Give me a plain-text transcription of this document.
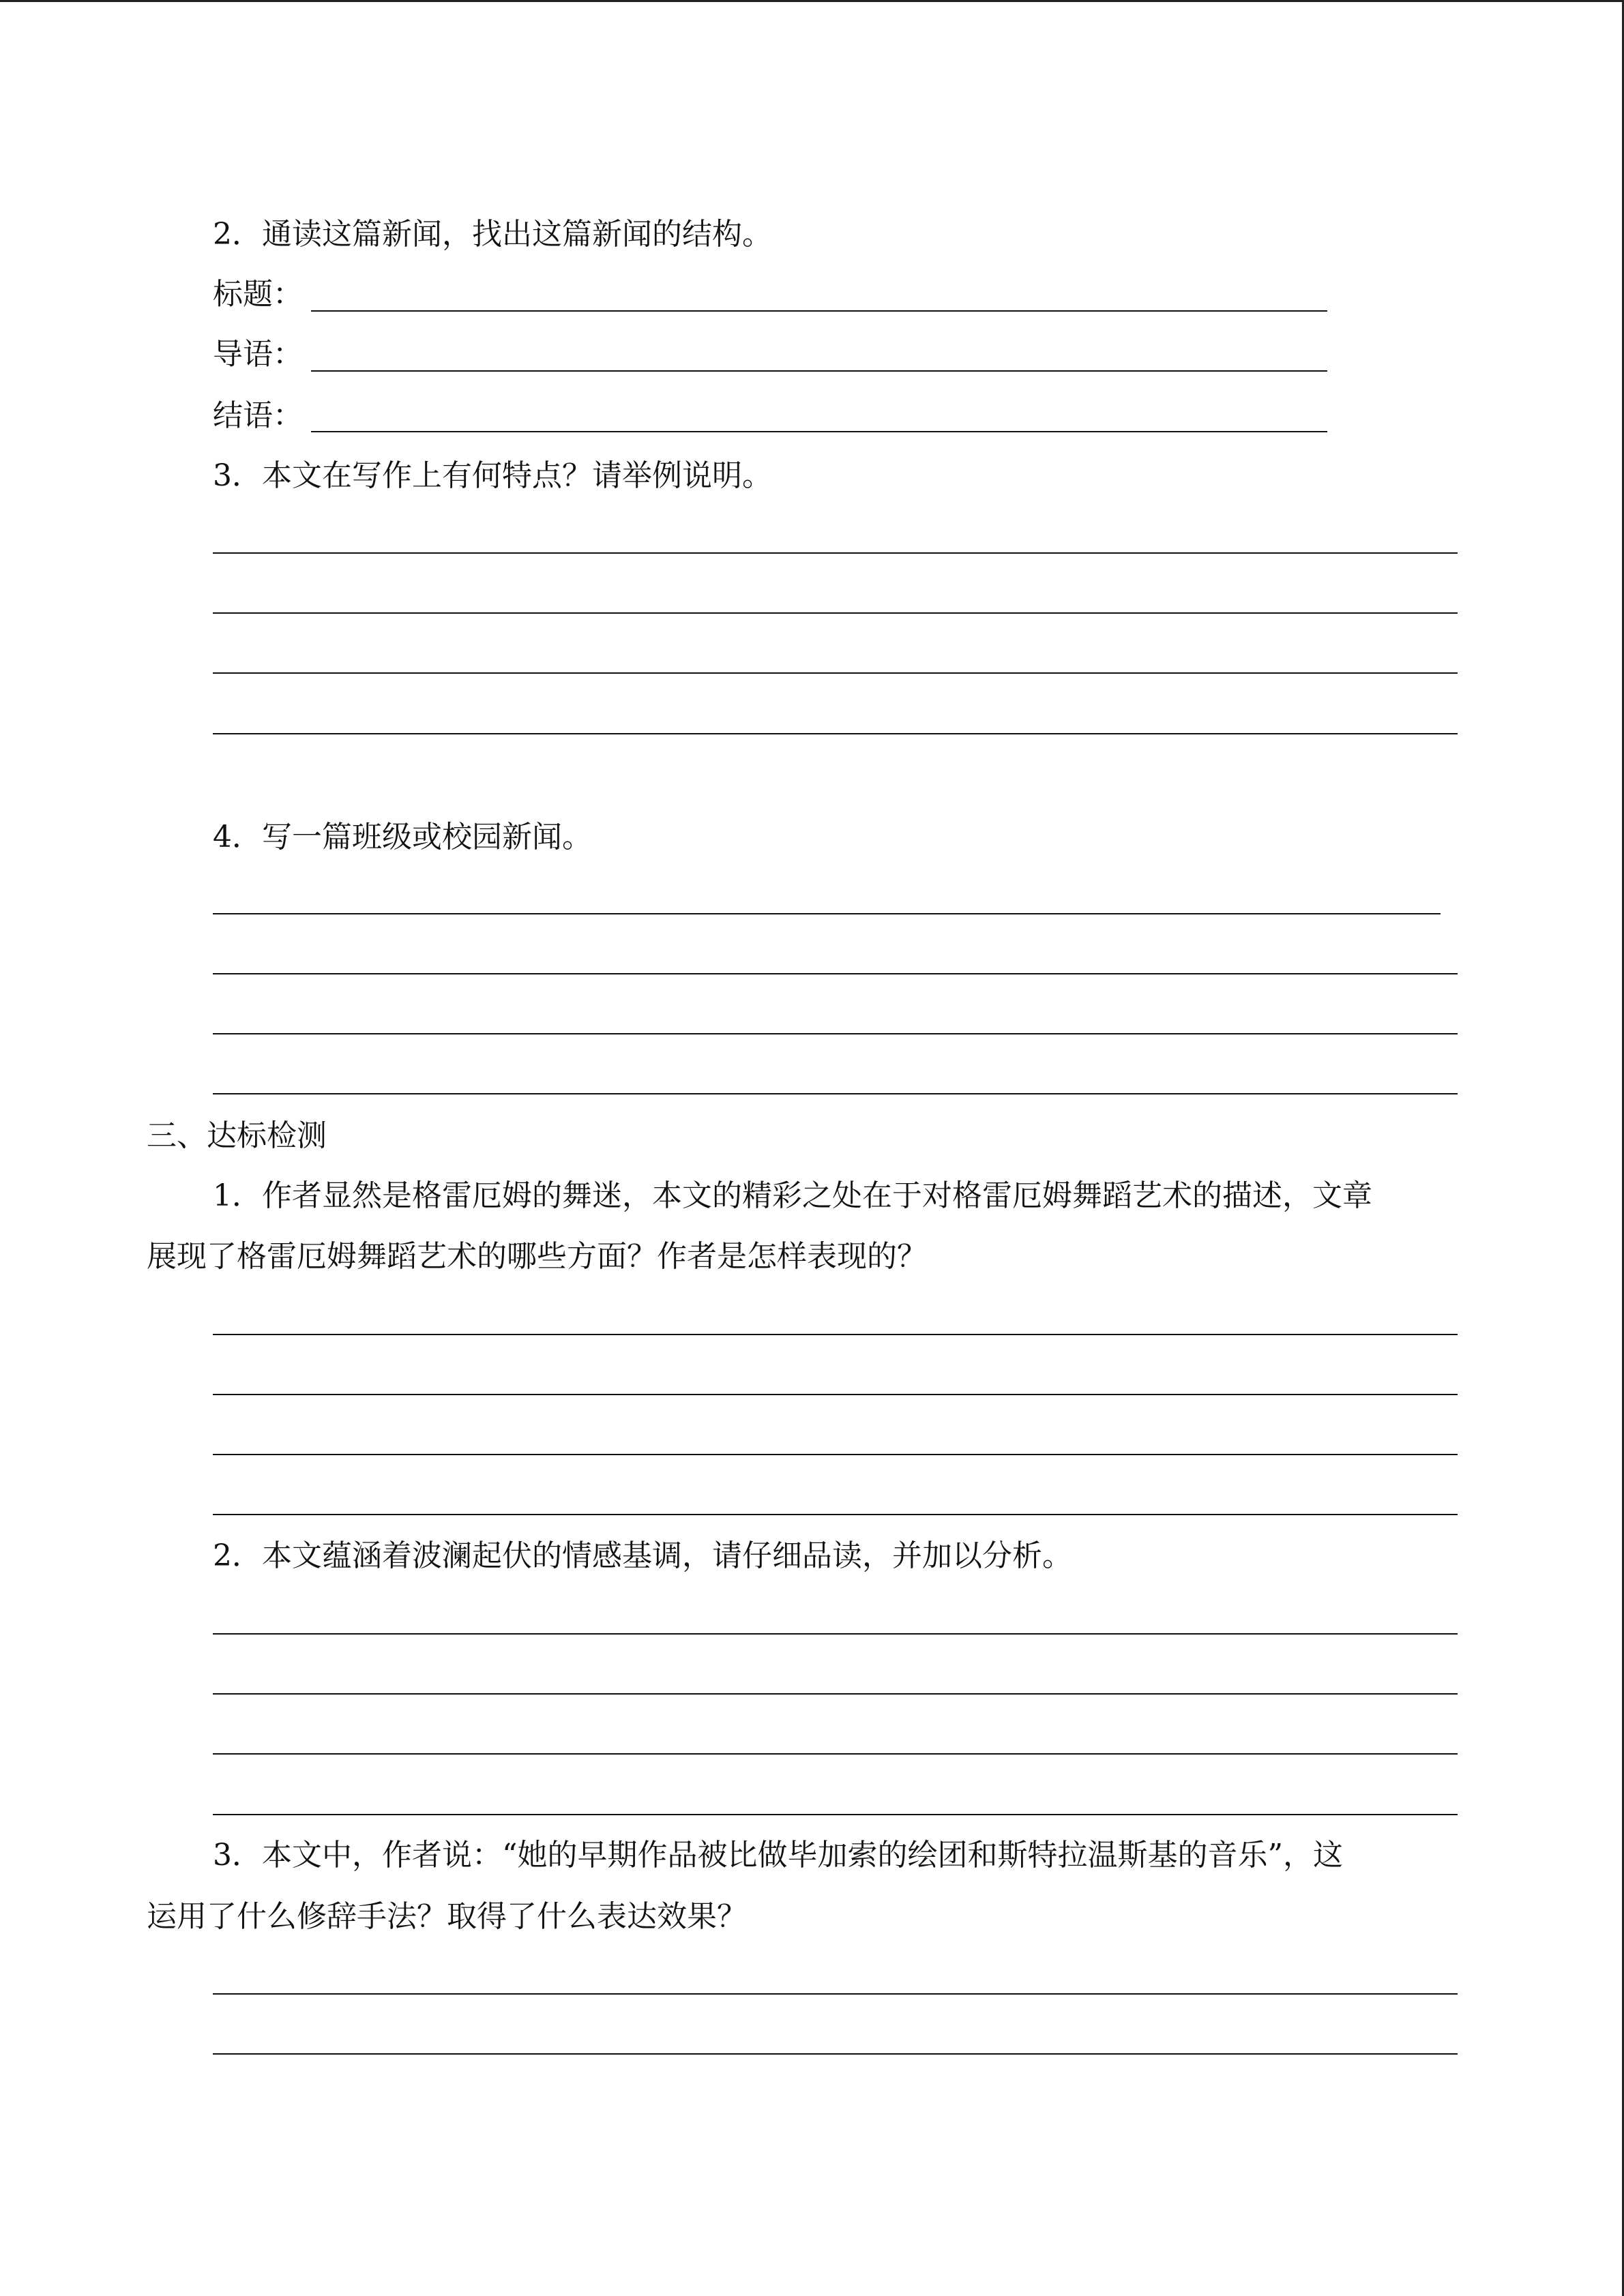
2．通读这篇新闻，找出这篇新闻的结构。
标题：
导语：
结语：
3．本文在写作上有何特点？请举例说明。
4．写一篇班级或校园新闻。
三、达标检测
1．作者显然是格雷厄姆的舞迷，本文的精彩之处在于对格雷厄姆舞蹈艺术的描述，文章
展现了格雷厄姆舞蹈艺术的哪些方面？作者是怎样表现的？
2．本文蕴涵着波澜起伏的情感基调，请仔细品读，并加以分析。
3．本文中，作者说：“她的早期作品被比做毕加索的绘团和斯特拉温斯基的音乐”，这
运用了什么修辞手法？取得了什么表达效果？
